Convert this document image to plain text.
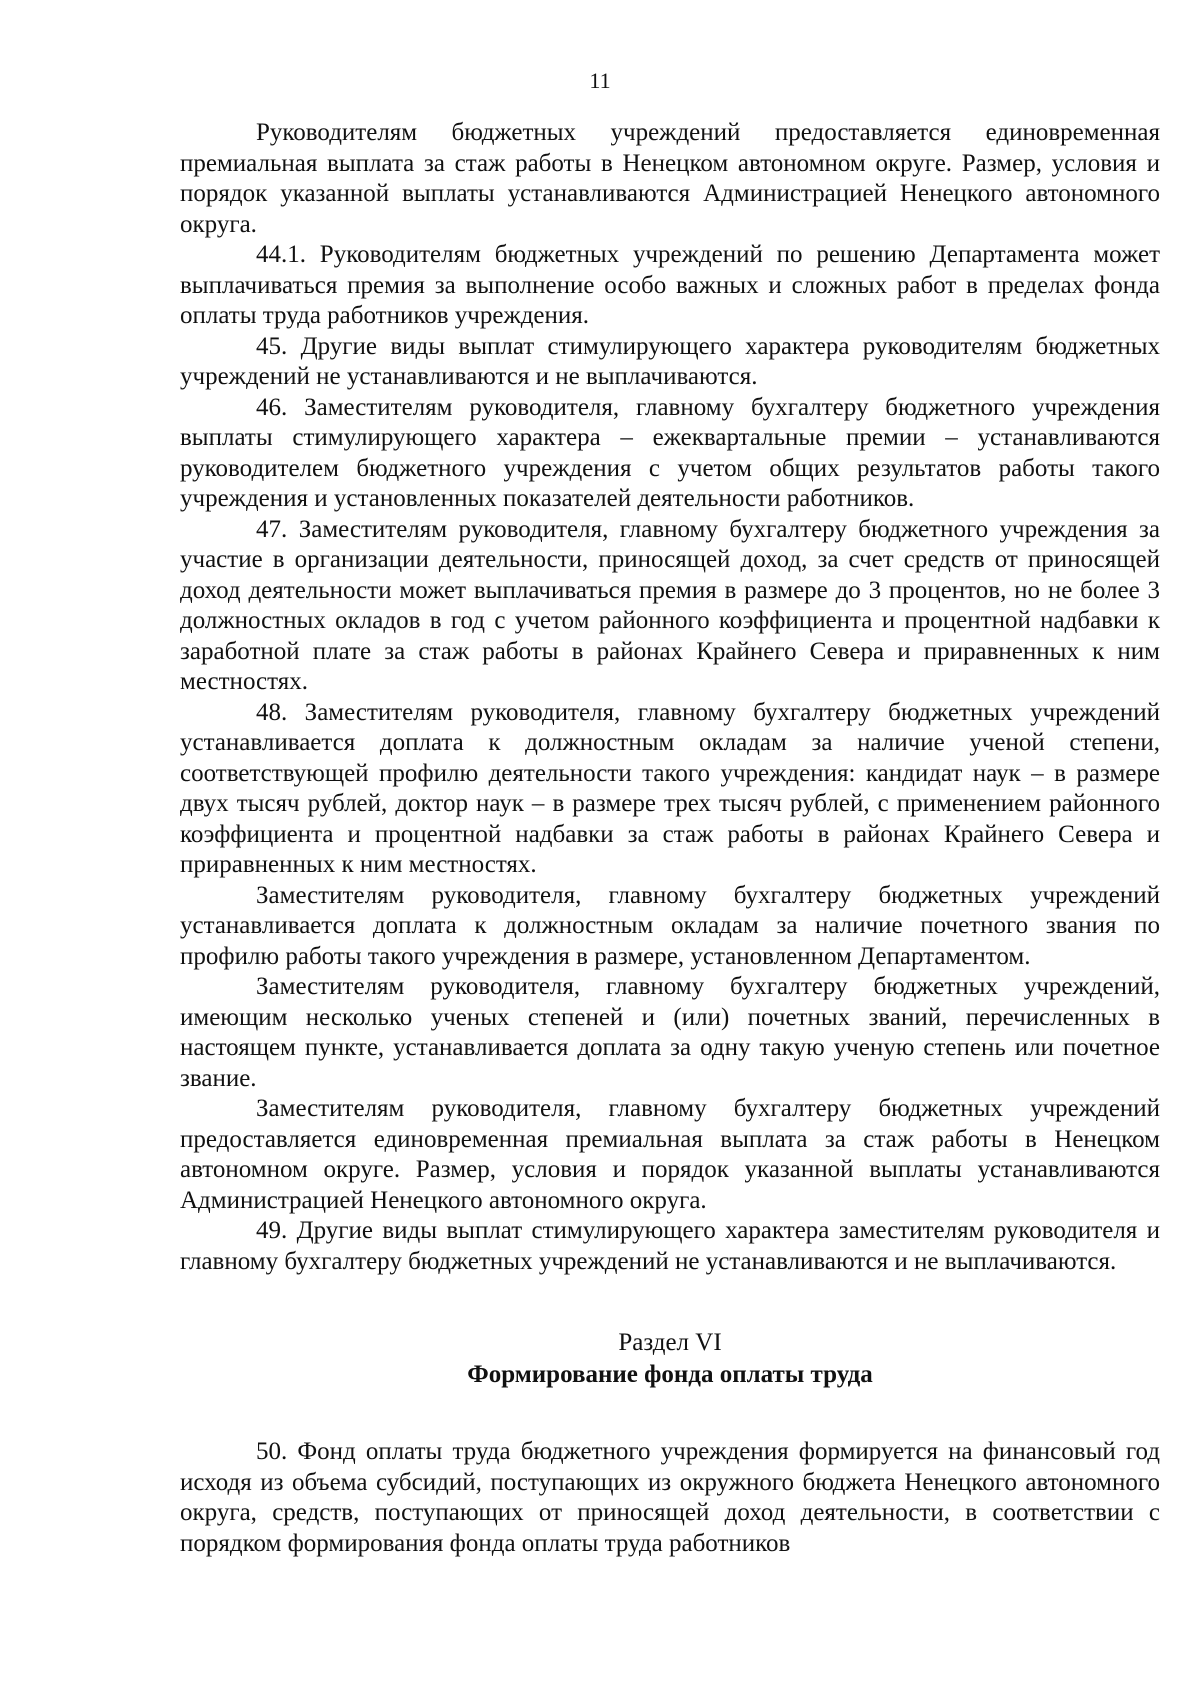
11

Руководителям бюджетных учреждений предоставляется единовременная премиальная выплата за стаж работы в Ненецком автономном округе. Размер, условия и порядок указанной выплаты устанавливаются Администрацией Ненецкого автономного округа.

44.1. Руководителям бюджетных учреждений по решению Департамента может выплачиваться премия за выполнение особо важных и сложных работ в пределах фонда оплаты труда работников учреждения.

45. Другие виды выплат стимулирующего характера руководителям бюджетных учреждений не устанавливаются и не выплачиваются.

46. Заместителям руководителя, главному бухгалтеру бюджетного учреждения выплаты стимулирующего характера – ежеквартальные премии – устанавливаются руководителем бюджетного учреждения с учетом общих результатов работы такого учреждения и установленных показателей деятельности работников.

47. Заместителям руководителя, главному бухгалтеру бюджетного учреждения за участие в организации деятельности, приносящей доход, за счет средств от приносящей доход деятельности может выплачиваться премия в размере до 3 процентов, но не более 3 должностных окладов в год с учетом районного коэффициента и процентной надбавки к заработной плате за стаж работы в районах Крайнего Севера и приравненных к ним местностях.

48. Заместителям руководителя, главному бухгалтеру бюджетных учреждений устанавливается доплата к должностным окладам за наличие ученой степени, соответствующей профилю деятельности такого учреждения: кандидат наук – в размере двух тысяч рублей, доктор наук – в размере трех тысяч рублей, с применением районного коэффициента и процентной надбавки за стаж работы в районах Крайнего Севера и приравненных к ним местностях.

Заместителям руководителя, главному бухгалтеру бюджетных учреждений устанавливается доплата к должностным окладам за наличие почетного звания по профилю работы такого учреждения в размере, установленном Департаментом.

Заместителям руководителя, главному бухгалтеру бюджетных учреждений, имеющим несколько ученых степеней и (или) почетных званий, перечисленных в настоящем пункте, устанавливается доплата за одну такую ученую степень или почетное звание.

Заместителям руководителя, главному бухгалтеру бюджетных учреждений предоставляется единовременная премиальная выплата за стаж работы в Ненецком автономном округе. Размер, условия и порядок указанной выплаты устанавливаются Администрацией Ненецкого автономного округа.

49. Другие виды выплат стимулирующего характера заместителям руководителя и главному бухгалтеру бюджетных учреждений не устанавливаются и не выплачиваются.

Раздел VI
Формирование фонда оплаты труда

50. Фонд оплаты труда бюджетного учреждения формируется на финансовый год исходя из объема субсидий, поступающих из окружного бюджета Ненецкого автономного округа, средств, поступающих от приносящей доход деятельности, в соответствии с порядком формирования фонда оплаты труда работников
